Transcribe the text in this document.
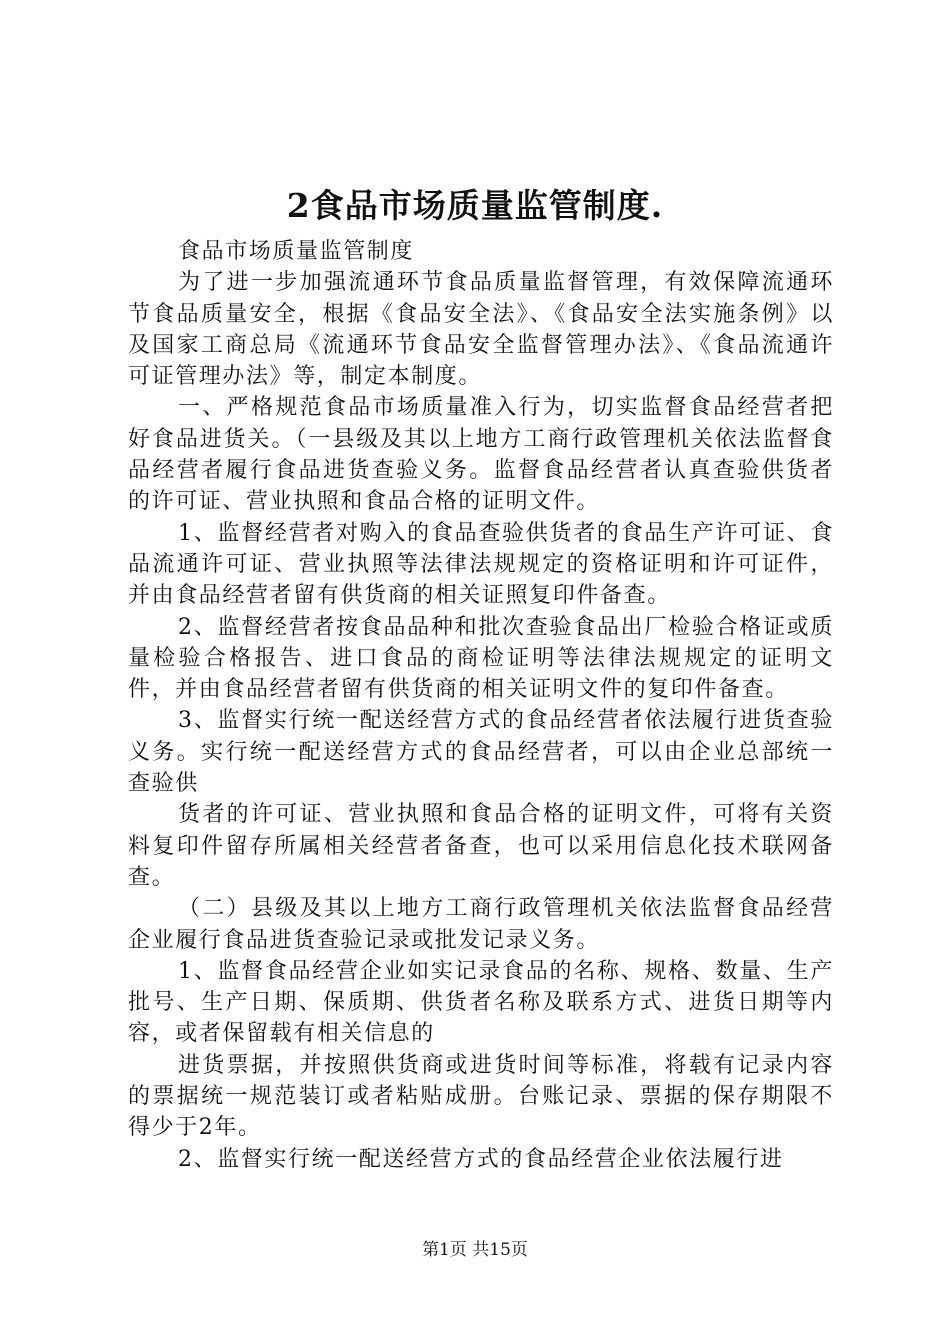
2食品市场质量监管制度.

食品市场质量监管制度

为了进一步加强流通环节食品质量监督管理，有效保障流通环节食品质量安全，根据《食品安全法》、《食品安全法实施条例》以及国家工商总局《流通环节食品安全监督管理办法》、《食品流通许可证管理办法》等，制定本制度。

一、严格规范食品市场质量准入行为，切实监督食品经营者把好食品进货关。（一县级及其以上地方工商行政管理机关依法监督食品经营者履行食品进货查验义务。监督食品经营者认真查验供货者的许可证、营业执照和食品合格的证明文件。

1、监督经营者对购入的食品查验供货者的食品生产许可证、食品流通许可证、营业执照等法律法规规定的资格证明和许可证件，并由食品经营者留有供货商的相关证照复印件备查。

2、监督经营者按食品品种和批次查验食品出厂检验合格证或质量检验合格报告、进口食品的商检证明等法律法规规定的证明文件，并由食品经营者留有供货商的相关证明文件的复印件备查。

3、监督实行统一配送经营方式的食品经营者依法履行进货查验义务。实行统一配送经营方式的食品经营者，可以由企业总部统一查验供

货者的许可证、营业执照和食品合格的证明文件，可将有关资料复印件留存所属相关经营者备查，也可以采用信息化技术联网备查。

（二）县级及其以上地方工商行政管理机关依法监督食品经营企业履行食品进货查验记录或批发记录义务。

1、监督食品经营企业如实记录食品的名称、规格、数量、生产批号、生产日期、保质期、供货者名称及联系方式、进货日期等内容，或者保留载有相关信息的

进货票据，并按照供货商或进货时间等标准，将载有记录内容的票据统一规范装订或者粘贴成册。台账记录、票据的保存期限不得少于2年。

2、监督实行统一配送经营方式的食品经营企业依法履行进

第1页 共15页
